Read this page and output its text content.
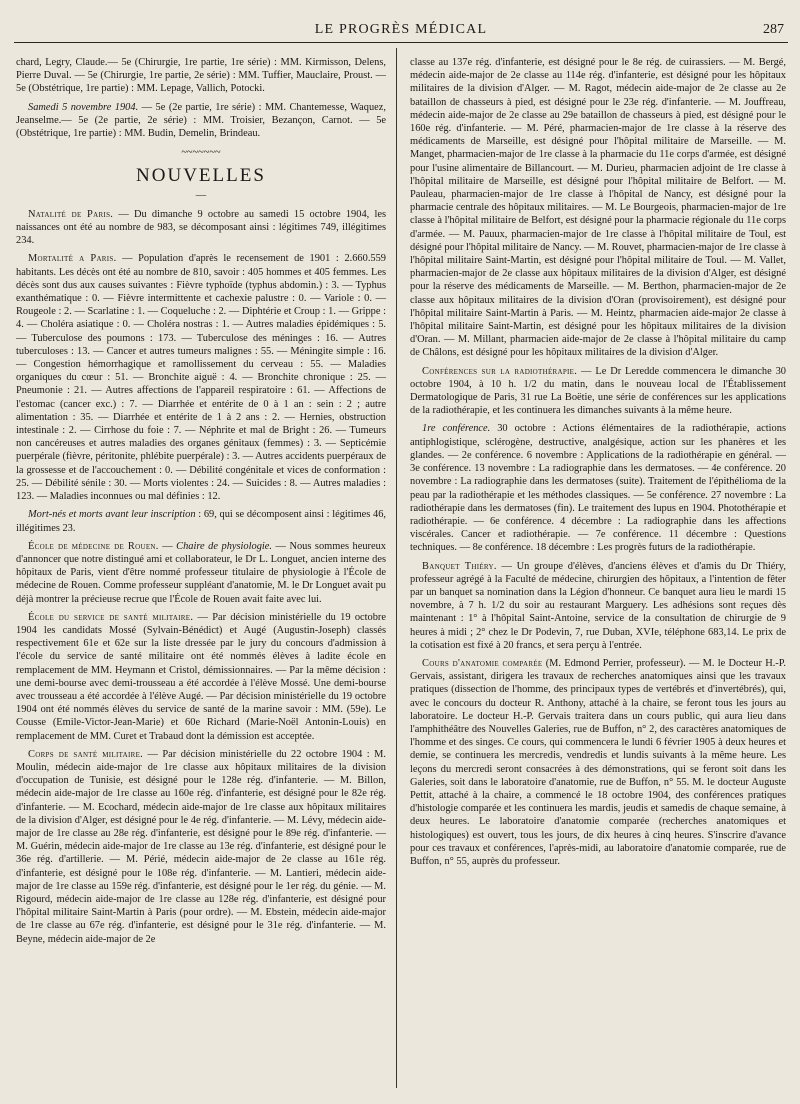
LE PROGRÈS MÉDICAL	287

chard, Legry, Claude.— 5e (Chirurgie, 1re partie, 1re série) : MM. Kirmisson, Delens, Pierre Duval. — 5e (Chirurgie, 1re partie, 2e série) : MM. Tuffier, Mauclaire, Proust. — 5e (Obstétrique, 1re partie) : MM. Lepage, Vallich, Potocki.

Samedi 5 novembre 1904. — 5e (2e partie, 1re série) : MM. Chantemesse, Waquez, Jeanselme.— 5e (2e partie, 2e série) : MM. Troisier, Bezançon, Carnot. — 5e (Obstétrique, 1re partie) : MM. Budin, Demelin, Brindeau.

~~~~~~~
NOUVELLES
—

Natalité de Paris. — Du dimanche 9 octobre au samedi 15 octobre 1904, les naissances ont été au nombre de 983, se décomposant ainsi : légitimes 749, illégitimes 234.

Mortalité a Paris. — Population d'après le recensement de 1901 : 2.660.559 habitants. Les décès ont été au nombre de 810, savoir : 405 hommes et 405 femmes. Les décès sont dus aux causes suivantes : Fièvre typhoïde (typhus abdomin.) : 3. — Typhus exanthématique : 0. — Fièvre intermittente et cachexie palustre : 0. — Variole : 0. — Rougeole : 2. — Scarlatine : 1. — Coqueluche : 2. — Diphtérie et Croup : 1. — Grippe : 4. — Choléra asiatique : 0. — Choléra nostras : 1. — Autres maladies épidémiques : 5. — Tuberculose des poumons : 173. — Tuberculose des méninges : 16. — Autres tuberculoses : 13. — Cancer et autres tumeurs malignes : 55. — Méningite simple : 16. — Congestion hémorrhagique et ramollissement du cerveau : 55. — Maladies organiques du cœur : 51. — Bronchite aiguë : 4. — Bronchite chronique : 25. — Pneumonie : 21. — Autres affections de l'appareil respiratoire : 61. — Affections de l'estomac (cancer exc.) : 7. — Diarrhée et entérite de 0 à 1 an : sein : 2 ; autre alimentation : 35. — Diarrhée et entérite de 1 à 2 ans : 2. — Hernies, obstruction intestinale : 2. — Cirrhose du foie : 7. — Néphrite et mal de Bright : 26. — Tumeurs non cancéreuses et autres maladies des organes génitaux (femmes) : 3. — Septicémie puerpérale (fièvre, péritonite, phlébite puerpérale) : 3. — Autres accidents puerpéraux de la grossesse et de l'accouchement : 0. — Débilité congénitale et vices de conformation : 25. — Débilité sénile : 30. — Morts violentes : 24. — Suicides : 8. — Autres maladies : 123. — Maladies inconnues ou mal définies : 12.

Mort-nés et morts avant leur inscription : 69, qui se décomposent ainsi : légitimes 46, illégitimes 23.

École de médecine de Rouen. — Chaire de physiologie. — Nous sommes heureux d'annoncer que notre distingué ami et collaborateur, le Dr L. Longuet, ancien interne des hôpitaux de Paris, vient d'être nommé professeur titulaire de physiologie à l'École de médecine de Rouen. Comme professeur suppléant d'anatomie, M. le Dr Longuet avait pu déjà montrer la précieuse recrue que l'École de Rouen avait faite avec lui.

École du service de santé militaire. — Par décision ministérielle du 19 octobre 1904 les candidats Mossé (Sylvain-Bénédict) et Augé (Augustin-Joseph) classés respectivement 61e et 62e sur la liste dressée par le jury du concours d'admission à l'école du service de santé militaire ont été nommés élèves à ladite école en remplacement de MM. Heymann et Cristol, démissionnaires. — Par la même décision : une demi-bourse avec demi-trousseau a été accordée à l'élève Mossé. Une demi-bourse avec trousseau a été accordée à l'élève Augé. — Par décision ministérielle du 19 octobre 1904 ont été nommés élèves du service de santé de la marine savoir : MM. (59e). Le Cousse (Emile-Victor-Jean-Marie) et 60e Richard (Marie-Noël Antonin-Louis) en remplacement de MM. Curet et Trabaud dont la démission est acceptée.

Corps de santé militaire. — Par décision ministérielle du 22 octobre 1904 : M. Moulin, médecin aide-major de 1re classe aux hôpitaux militaires de la division d'occupation de Tunisie, est désigné pour le 128e rég. d'infanterie. — M. Billon, médecin aide-major de 1re classe au 160e rég. d'infanterie, est désigné pour le 82e rég. d'infanterie. — M. Ecochard, médecin aide-major de 1re classe aux hôpitaux militaires de la division d'Alger, est désigné pour le 4e rég. d'infanterie. — M. Lévy, médecin aide-major de 1re classe au 28e rég. d'infanterie, est désigné pour le 89e rég. d'infanterie. — M. Guérin, médecin aide-major de 1re classe au 13e rég. d'infanterie, est désigné pour le 36e rég. d'artillerie. — M. Périé, médecin aide-major de 2e classe au 161e rég. d'infanterie, est désigné pour le 108e rég. d'infanterie. — M. Lantieri, médecin aide-major de 1re classe au 159e rég. d'infanterie, est désigné pour le 1er rég. du génie. — M. Rigourd, médecin aide-major de 1re classe au 128e rég. d'infanterie, est désigné pour l'hôpital militaire Saint-Martin à Paris (pour ordre). — M. Ebstein, médecin aide-major de 1re classe au 67e rég. d'infanterie, est désigné pour le 31e rég. d'infanterie. — M. Beyne, médecin aide-major de 2e

classe au 137e rég. d'infanterie, est désigné pour le 8e rég. de cuirassiers. — M. Bergé, médecin aide-major de 2e classe au 114e rég. d'infanterie, est désigné pour les hôpitaux militaires de la division d'Alger. — M. Ragot, médecin aide-major de 2e classe au 2e bataillon de chasseurs à pied, est désigné pour le 23e rég. d'infanterie. — M. Jouffreau, médecin aide-major de 2e classe au 29e bataillon de chasseurs à pied, est désigné pour le 160e rég. d'infanterie. — M. Péré, pharmacien-major de 1re classe à la réserve des médicaments de Marseille, est désigné pour l'hôpital militaire de Marseille. — M. Manget, pharmacien-major de 1re classe à la pharmacie du 11e corps d'armée, est désigné pour l'usine alimentaire de Billancourt. — M. Durieu, pharmacien adjoint de 1re classe à l'hôpital militaire de Marseille, est désigné pour l'hôpital militaire de Belfort. — M. Pauleau, pharmacien-major de 1re classe à l'hôpital de Nancy, est désigné pour la pharmacie centrale des hôpitaux militaires. — M. Le Bourgeois, pharmacien-major de 1re classe à l'hôpital militaire de Belfort, est désigné pour la pharmacie régionale du 11e corps d'armée. — M. Pauux, pharmacien-major de 1re classe à l'hôpital militaire de Toul, est désigné pour l'hôpital militaire de Nancy. — M. Rouvet, pharmacien-major de 1re classe à l'hôpital militaire Saint-Martin, est désigné pour l'hôpital militaire de Toul. — M. Vallet, pharmacien-major de 2e classe aux hôpitaux militaires de la division d'Alger, est désigné pour la réserve des médicaments de Marseille. — M. Berthon, pharmacien-major de 2e classe aux hôpitaux militaires de la division d'Oran (provisoirement), est désigné pour l'hôpital militaire Saint-Martin à Paris. — M. Heintz, pharmacien aide-major 2e classe à l'hôpital militaire Saint-Martin, est désigné pour les hôpitaux militaires de la division d'Oran. — M. Millant, pharmacien aide-major de 2e classe à l'hôpital militaire du camp de Châlons, est désigné pour les hôpitaux militaires de la division d'Alger.

Conférences sur la radiothérapie. — Le Dr Leredde commencera le dimanche 30 octobre 1904, à 10 h. 1/2 du matin, dans le nouveau local de l'Établissement Dermatologique de Paris, 31 rue La Boëtie, une série de conférences sur les applications de la radiothérapie, et les continuera les dimanches suivants à la même heure.

1re conférence. 30 octobre : Actions élémentaires de la radiothérapie, actions antiphlogistique, sclérogène, destructive, analgésique, action sur les phanères et les glandes. — 2e conférence. 6 novembre : Applications de la radiothérapie en général. — 3e conférence. 13 novembre : La radiographie dans les dermatoses. — 4e conférence. 20 novembre : La radiographie dans les dermatoses (suite). Traitement de l'épithélioma de la peau par la radiothérapie et les méthodes classiques. — 5e conférence. 27 novembre : La radiothérapie dans les dermatoses (fin). Le traitement des lupus en 1904. Photothérapie et radiothérapie. — 6e conférence. 4 décembre : La radiographie dans les affections viscérales. Cancer et radiothérapie. — 7e conférence. 11 décembre : Questions techniques. — 8e conférence. 18 décembre : Les progrès futurs de la radiothérapie.

Banquet Thiéry. — Un groupe d'élèves, d'anciens élèves et d'amis du Dr Thiéry, professeur agrégé à la Faculté de médecine, chirurgien des hôpitaux, a l'intention de fêter par un banquet sa nomination dans la Légion d'honneur. Ce banquet aura lieu le mardi 15 novembre, à 7 h. 1/2 du soir au restaurant Marguery. Les adhésions sont reçues dès maintenant : 1° à l'hôpital Saint-Antoine, service de la consultation de chirurgie de 9 heures à midi ; 2° chez le Dr Podevin, 7, rue Duban, XVIe, téléphone 683,14. Le prix de la cotisation est fixé à 20 francs, et sera perçu à l'entrée.

Cours d'anatomie comparée (M. Edmond Perrier, professeur). — M. le Docteur H.-P. Gervais, assistant, dirigera les travaux de recherches anatomiques ainsi que les travaux pratiques (dissection de l'homme, des principaux types de vertébrés et d'invertébrés), qui, avec le concours du docteur R. Anthony, attaché à la chaire, se feront tous les jours au laboratoire. Le docteur H.-P. Gervais traitera dans un cours public, qui aura lieu dans l'amphithéâtre des Nouvelles Galeries, rue de Buffon, n° 2, des caractères anatomiques de l'homme et des singes. Ce cours, qui commencera le lundi 6 février 1905 à deux heures et demie, se continuera les mercredis, vendredis et lundis suivants à la même heure. Les leçons du mercredi seront consacrées à des démonstrations, qui se feront soit dans les Galeries, soit dans le laboratoire d'anatomie, rue de Buffon, n° 55. M. le docteur Auguste Pettit, attaché à la chaire, a commencé le 18 octobre 1904, des conférences pratiques d'histologie comparée et les continuera les mardis, jeudis et samedis de chaque semaine, à deux heures. Le laboratoire d'anatomie comparée (recherches anatomiques et histologiques) est ouvert, tous les jours, de dix heures à cinq heures. S'inscrire d'avance pour ces travaux et conférences, l'après-midi, au laboratoire d'anatomie comparée, rue de Buffon, n° 55, auprès du professeur.
